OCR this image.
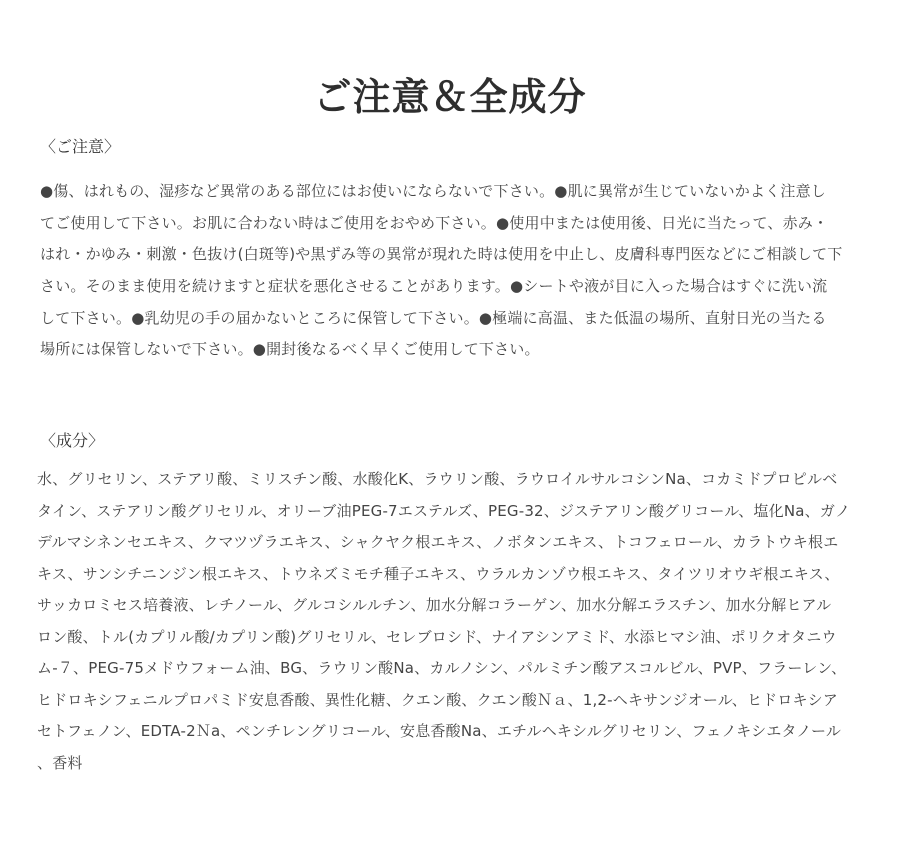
ご注意＆全成分
〈ご注意〉
●傷、はれもの、湿疹など異常のある部位にはお使いにならないで下さい。●肌に異常が生じていないかよく注意し
てご使用して下さい。お肌に合わない時はご使用をおやめ下さい。●使用中または使用後、日光に当たって、赤み・
はれ・かゆみ・刺激・色抜け(白斑等)や黒ずみ等の異常が現れた時は使用を中止し、皮膚科専門医などにご相談して下
さい。そのまま使用を続けますと症状を悪化させることがあります。●シートや液が目に入った場合はすぐに洗い流
して下さい。●乳幼児の手の届かないところに保管して下さい。●極端に高温、また低温の場所、直射日光の当たる
場所には保管しないで下さい。●開封後なるべく早くご使用して下さい。
〈成分〉
水、グリセリン、ステアリ酸、ミリスチン酸、水酸化K、ラウリン酸、ラウロイルサルコシンNa、コカミドプロピルベ
タイン、ステアリン酸グリセリル、オリーブ油PEG-7エステルズ、PEG-32、ジステアリン酸グリコール、塩化Na、ガノ
デルマシネンセエキス、クマツヅラエキス、シャクヤク根エキス、ノボタンエキス、トコフェロール、カラトウキ根エ
キス、サンシチニンジン根エキス、トウネズミモチ種子エキス、ウラルカンゾウ根エキス、タイツリオウギ根エキス、
サッカロミセス培養液、レチノール、グルコシルルチン、加水分解コラーゲン、加水分解エラスチン、加水分解ヒアル
ロン酸、トル(カプリル酸/カプリン酸)グリセリル、セレブロシド、ナイアシンアミド、水添ヒマシ油、ポリクオタニウ
ム-７、PEG-75メドウフォーム油、BG、ラウリン酸Na、カルノシン、パルミチン酸アスコルビル、PVP、フラーレン、
ヒドロキシフェニルプロパミド安息香酸、異性化糖、クエン酸、クエン酸Ｎａ、1,2-ヘキサンジオール、ヒドロキシア
セトフェノン、EDTA-2Ｎa、ペンチレングリコール、安息香酸Na、エチルヘキシルグリセリン、フェノキシエタノール
、香料
